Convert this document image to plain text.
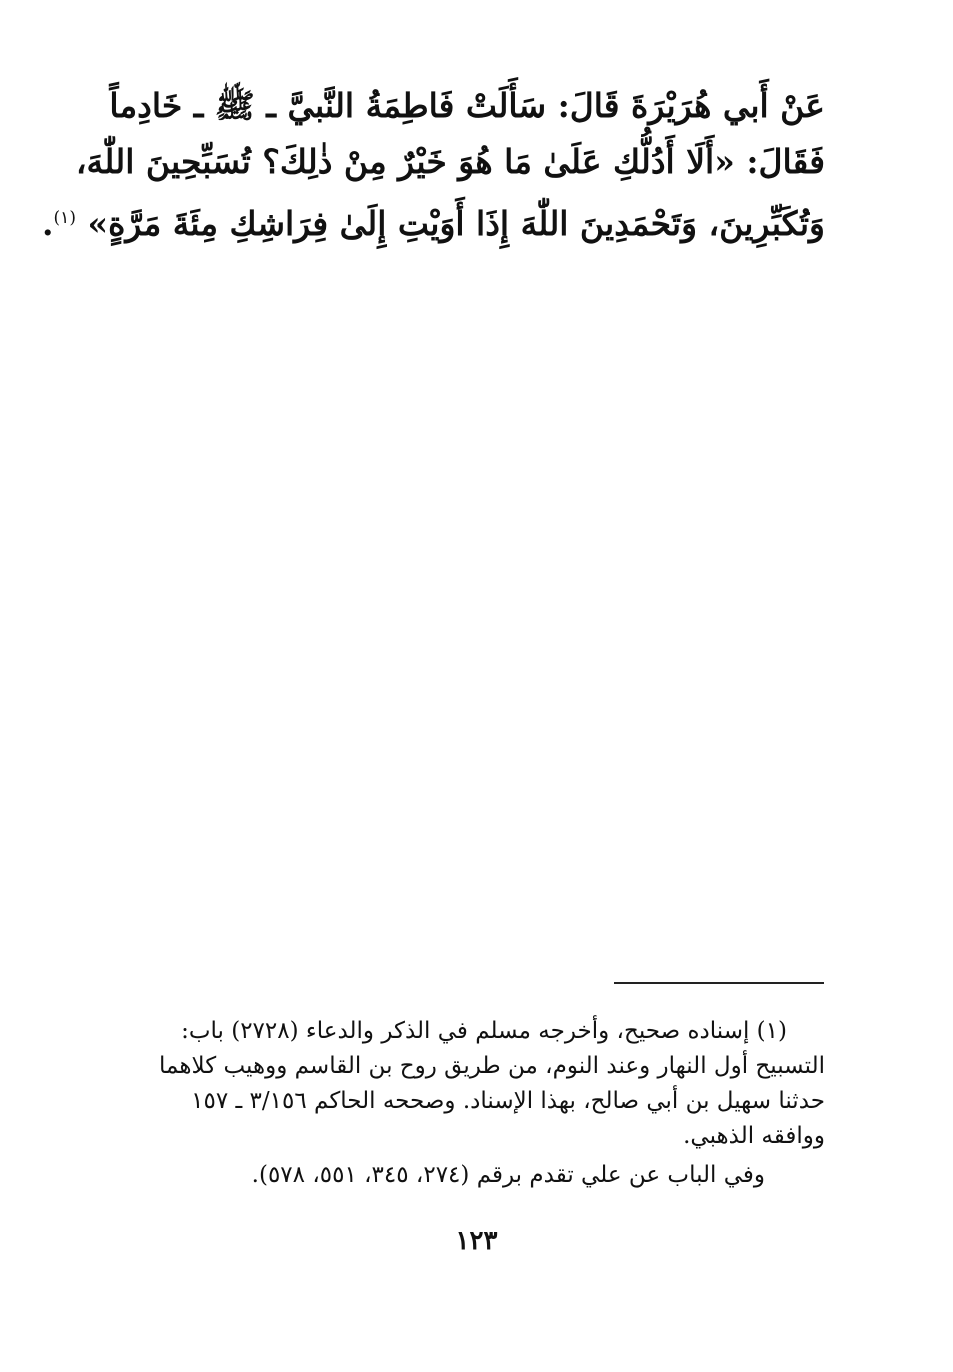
عَنْ أَبي هُرَيْرَةَ قَالَ: سَأَلَتْ فَاطِمَةُ النَّبيَّ ـ ﷺ ـ خَادِماً
فَقَالَ: «أَلَا أَدُلُّكِ عَلَىٰ مَا هُوَ خَيْرٌ مِنْ ذٰلِكَ؟ تُسَبِّحِينَ اللّٰهَ،
وَتُكَبِّرِينَ، وَتَحْمَدِينَ اللّٰهَ إِذَا أَوَيْتِ إِلَىٰ فِرَاشِكِ مِئَةَ مَرَّةٍ» $^{(١)}$.
(١) إسناده صحيح، وأخرجه مسلم في الذكر والدعاء (٢٧٢٨) باب:
التسبيح أول النهار وعند النوم، من طريق روح بن القاسم ووهيب كلاهما
حدثنا سهيل بن أبي صالح، بهذا الإسناد. وصححه الحاكم ٣/١٥٦ ـ ١٥٧
ووافقه الذهبي.
وفي الباب عن علي تقدم برقم (٢٧٤، ٣٤٥، ٥٥١، ٥٧٨).
١٢٣
